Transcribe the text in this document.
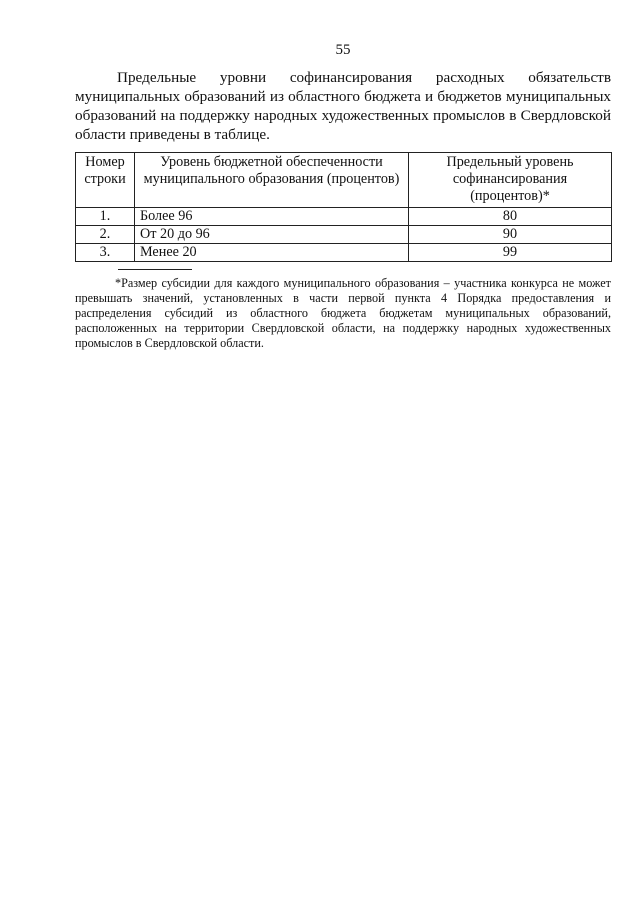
55

Предельные уровни софинансирования расходных обязательств муниципальных образований из областного бюджета и бюджетов муниципальных образований на поддержку народных художественных промыслов в Свердловской области приведены в таблице.

Номер строки	Уровень бюджетной обеспеченности муниципального образования (процентов)	Предельный уровень софинансирования (процентов)*
1.	Более 96	80
2.	От 20 до 96	90
3.	Менее 20	99

*Размер субсидии для каждого муниципального образования – участника конкурса не может превышать значений, установленных в части первой пункта 4 Порядка предоставления и распределения субсидий из областного бюджета бюджетам муниципальных образований, расположенных на территории Свердловской области, на поддержку народных художественных промыслов в Свердловской области.
